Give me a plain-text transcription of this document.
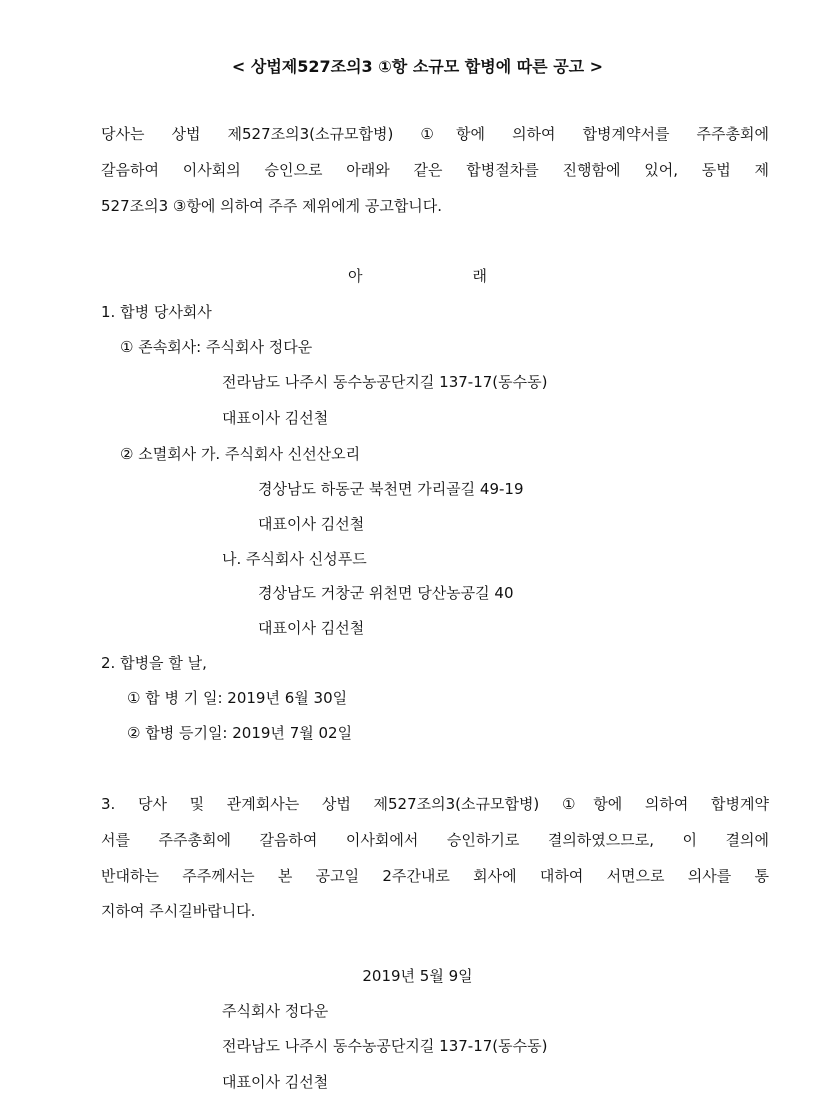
< 상법제527조의3 ①항 소규모 합병에 따른 공고 >
당사는 상법 제527조의3(소규모합병) ①항에 의하여 합병계약서를 주주총회에
갈음하여 이사회의 승인으로 아래와 같은 합병절차를 진행함에 있어, 동법 제
527조의3 ③항에 의하여 주주 제위에게 공고합니다.
아	래
1. 합병 당사회사
① 존속회사: 주식회사 정다운
전라남도 나주시 동수농공단지길 137-17(동수동)
대표이사 김선철
② 소멸회사 가. 주식회사 신선산오리
경상남도 하동군 북천면 가리골길 49-19
대표이사 김선철
나. 주식회사 신성푸드
경상남도 거창군 위천면 당산농공길 40
대표이사 김선철
2. 합병을 할 날,
① 합 병 기 일: 2019년 6월 30일
② 합병 등기일: 2019년 7월 02일
3. 당사 및 관계회사는 상법 제527조의3(소규모합병) ①항에 의하여 합병계약
서를 주주총회에 갈음하여 이사회에서 승인하기로 결의하였으므로, 이 결의에
반대하는 주주께서는 본 공고일 2주간내로 회사에 대하여 서면으로 의사를 통
지하여 주시길바랍니다.
2019년 5월 9일
주식회사 정다운
전라남도 나주시 동수농공단지길 137-17(동수동)
대표이사 김선철
